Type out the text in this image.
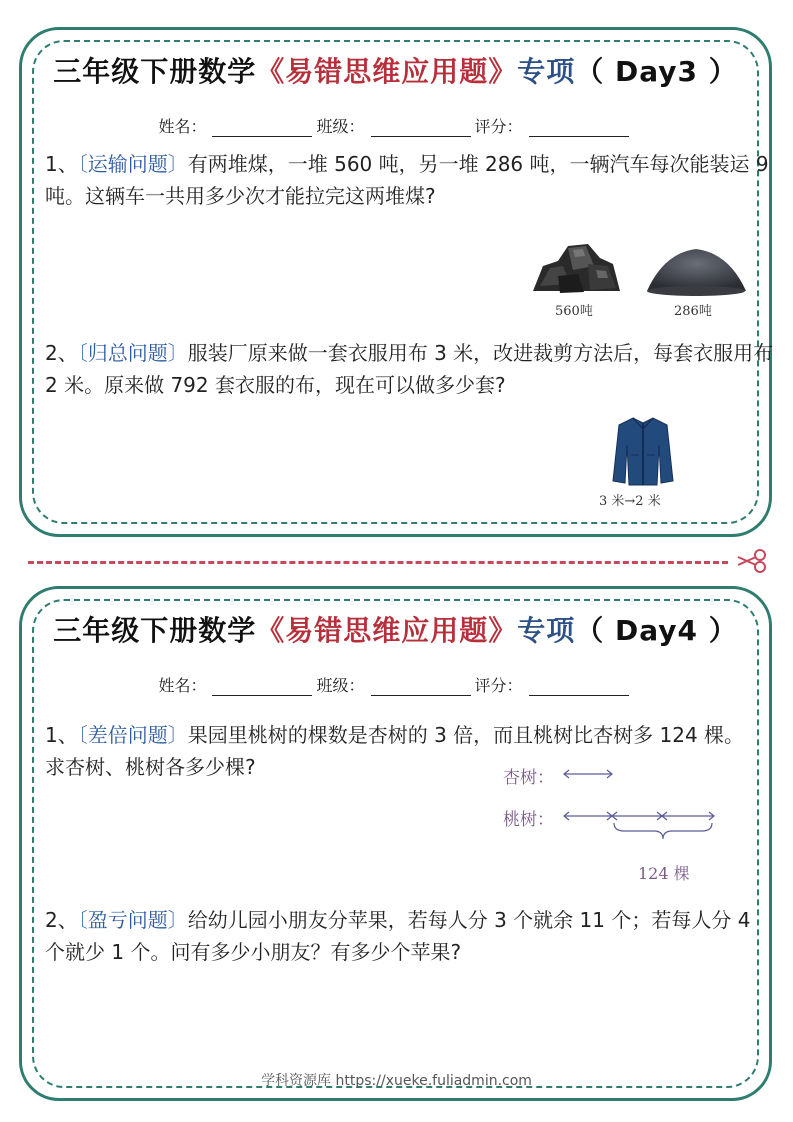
三年级下册数学《易错思维应用题》专项（ Day3 ）
姓名：	班级：	评分：
1、〔运输问题〕有两堆煤，一堆 560 吨，另一堆 286 吨，一辆汽车每次能装运 9 吨。这辆车一共用多少次才能拉完这两堆煤?
560吨	286吨
2、〔归总问题〕服装厂原来做一套衣服用布 3 米，改进裁剪方法后，每套衣服用布 2 米。原来做 792 套衣服的布，现在可以做多少套?
3 米→2 米
三年级下册数学《易错思维应用题》专项（ Day4 ）
姓名：	班级：	评分：
1、〔差倍问题〕果园里桃树的棵数是杏树的 3 倍，而且桃树比杏树多 124 棵。求杏树、桃树各多少棵?	杏树：
桃树：
124 棵
2、〔盈亏问题〕给幼儿园小朋友分苹果，若每人分 3 个就余 11 个；若每人分 4 个就少 1 个。问有多少小朋友？有多少个苹果?
学科资源库 https://xueke.fuliadmin.com
